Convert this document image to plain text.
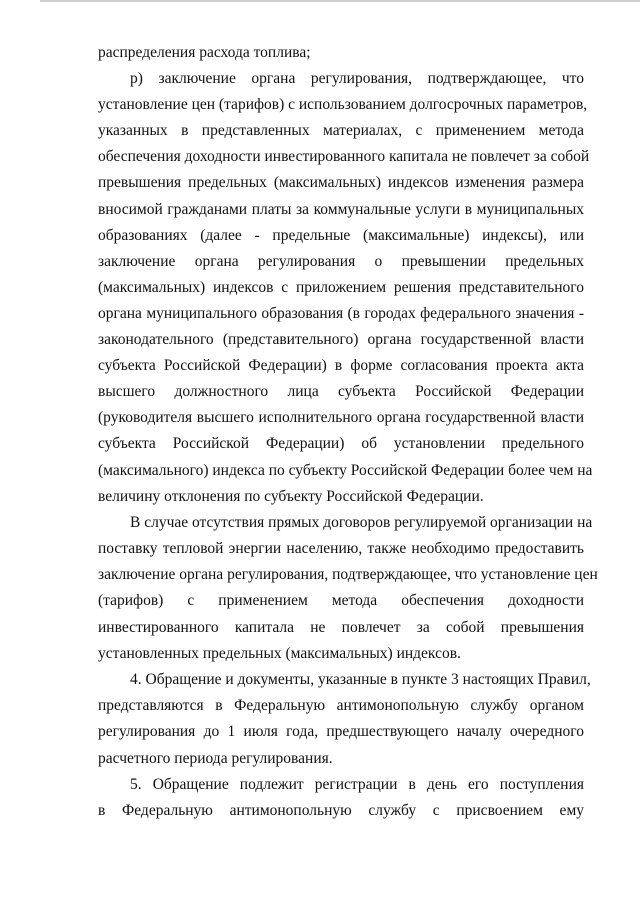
распределения расхода топлива;
р) заключение органа регулирования, подтверждающее, что
установление цен (тарифов) с использованием долгосрочных параметров,
указанных в представленных материалах, с применением метода
обеспечения доходности инвестированного капитала не повлечет за собой
превышения предельных (максимальных) индексов изменения размера
вносимой гражданами платы за коммунальные услуги в муниципальных
образованиях (далее - предельные (максимальные) индексы), или
заключение органа регулирования о превышении предельных
(максимальных) индексов с приложением решения представительного
органа муниципального образования (в городах федерального значения -
законодательного (представительного) органа государственной власти
субъекта Российской Федерации) в форме согласования проекта акта
высшего должностного лица субъекта Российской Федерации
(руководителя высшего исполнительного органа государственной власти
субъекта Российской Федерации) об установлении предельного
(максимального) индекса по субъекту Российской Федерации более чем на
величину отклонения по субъекту Российской Федерации.
В случае отсутствия прямых договоров регулируемой организации на
поставку тепловой энергии населению, также необходимо предоставить
заключение органа регулирования, подтверждающее, что установление цен
(тарифов) с применением метода обеспечения доходности
инвестированного капитала не повлечет за собой превышения
установленных предельных (максимальных) индексов.
4. Обращение и документы, указанные в пункте 3 настоящих Правил,
представляются в Федеральную антимонопольную службу органом
регулирования до 1 июля года, предшествующего началу очередного
расчетного периода регулирования.
5. Обращение подлежит регистрации в день его поступления
в Федеральную антимонопольную службу с присвоением ему
